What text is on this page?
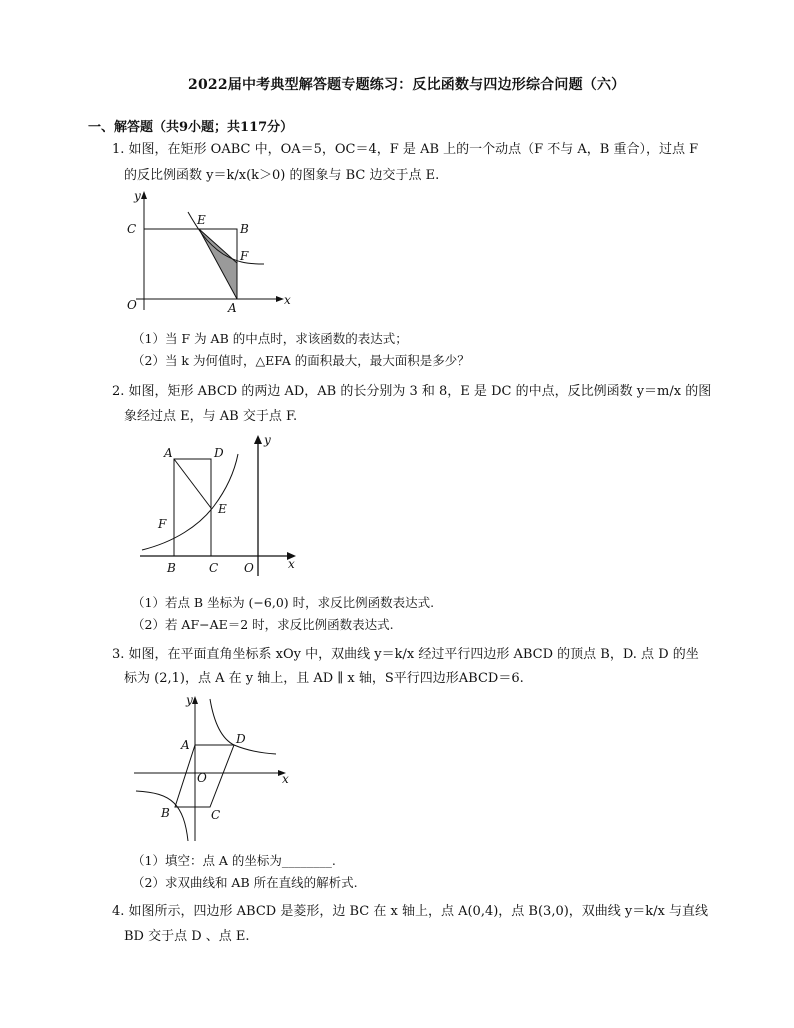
2022届中考典型解答题专题练习：反比函数与四边形综合问题（六）
一、解答题（共9小题；共117分）
1. 如图，在矩形 OABC 中，OA＝5，OC＝4，F 是 AB 上的一个动点（F 不与 A，B 重合），过点 F
的反比例函数 y＝k/x(k＞0) 的图象与 BC 边交于点 E.
y
x
C
E
B
F
O	A
（1）当 F 为 AB 的中点时，求该函数的表达式；
（2）当 k 为何值时，△EFA 的面积最大，最大面积是多少？
2. 如图，矩形 ABCD 的两边 AD，AB 的长分别为 3 和 8，E 是 DC 的中点，反比例函数 y＝m/x 的图
象经过点 E，与 AB 交于点 F.
A	D
y
E
F
B	C O	x
（1）若点 B 坐标为 (−6,0) 时，求反比例函数表达式.
（2）若 AF−AE＝2 时，求反比例函数表达式.
3. 如图，在平面直角坐标系 xOy 中，双曲线 y＝k/x 经过平行四边形 ABCD 的顶点 B，D. 点 D 的坐
标为 (2,1)，点 A 在 y 轴上，且 AD ∥ x 轴，S平行四边形ABCD＝6.
y
A	D
O	x
B	C
（1）填空：点 A 的坐标为________.
（2）求双曲线和 AB 所在直线的解析式.
4. 如图所示，四边形 ABCD 是菱形，边 BC 在 x 轴上，点 A(0,4)，点 B(3,0)，双曲线 y＝k/x 与直线
BD 交于点 D 、点 E.
